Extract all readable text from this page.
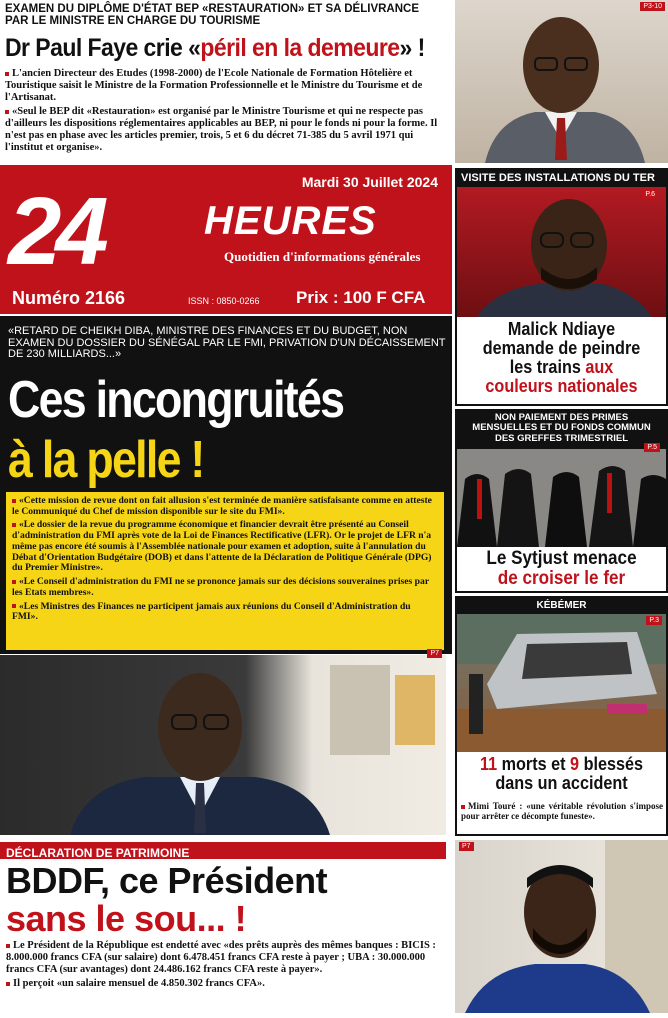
EXAMEN DU DIPLÔME D'ÉTAT BEP «RESTAURATION» ET SA DÉLIVRANCE
PAR LE MINISTRE EN CHARGE DU TOURISME
Dr Paul Faye crie «péril en la demeure» !
L'ancien Directeur des Etudes (1998-2000) de l'Ecole Nationale de Formation Hôtelière et Touristique saisit le Ministre de la Formation Professionnelle et le Ministre du Tourisme et de l'Artisanat.
«Seul le BEP dit «Restauration» est organisé par le Ministre Tourisme et qui ne respecte pas d'ailleurs les dispositions réglementaires applicables au BEP, ni pour le fonds ni pour la forme. Il n'est pas en phase avec les articles premier, trois, 5 et 6 du décret 71-385 du 5 avril 1971 qui l'institut et organise».
P3-10
Mardi 30 Juillet 2024
24	HEURES
Quotidien d'informations générales
Numéro 2166	ISSN : 0850-0266 Prix : 100 F CFA
«RETARD DE CHEIKH DIBA, MINISTRE DES FINANCES ET DU BUDGET, NON EXAMEN DU DOSSIER DU SÉNÉGAL PAR LE FMI, PRIVATION D'UN DÉCAISSEMENT DE 230 MILLIARDS...»
Ces incongruités
à la pelle !
«Cette mission de revue dont on fait allusion s'est terminée de manière satisfaisante comme en atteste le Communiqué du Chef de mission disponible sur le site du FMI».
«Le dossier de la revue du programme économique et financier devrait être présenté au Conseil d'administration du FMI après vote de la Loi de Finances Rectificative (LFR). Or le projet de LFR n'a même pas encore été soumis à l'Assemblée nationale pour examen et adoption, suite à l'annulation du Débat d'Orientation Budgétaire (DOB) et dans l'attente de la Déclaration de Politique Générale (DPG) du Premier Ministre».
«Le Conseil d'administration du FMI ne se prononce jamais sur des décisions souveraines prises par les Etats membres».
«Les Ministres des Finances ne participent jamais aux réunions du Conseil d'Administration du FMI».
P7
VISITE DES INSTALLATIONS DU TER
P.6
Malick Ndiaye
demande de peindre
les trains aux
couleurs nationales
NON PAIEMENT DES PRIMES MENSUELLES ET DU FONDS COMMUN DES GREFFES TRIMESTRIEL
P.5
Le Sytjust menace
de croiser le fer
KÉBÉMER
P.3
11 morts et 9 blessés
dans un accident
Mimi Touré : «une véritable révolution s'impose pour arrêter ce décompte funeste».
DÉCLARATION DE PATRIMOINE
BDDF, ce Président
sans le sou... !
Le Président de la République est endetté avec «des prêts auprès des mêmes banques : BICIS : 8.000.000 francs CFA (sur salaire) dont 6.478.451 francs CFA reste à payer ; UBA : 30.000.000 francs CFA (sur avantages) dont 24.486.162 francs CFA reste à payer».
Il perçoit «un salaire mensuel de 4.850.302 francs CFA».
P7
